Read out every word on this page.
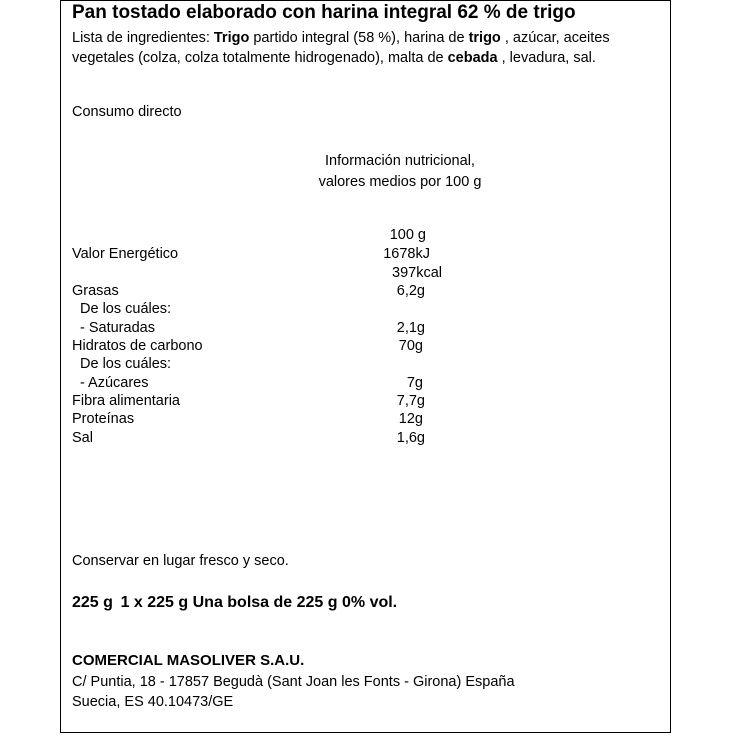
Pan tostado elaborado con harina integral 62 % de trigo
Lista de ingredientes: Trigo partido integral (58 %), harina de trigo , azúcar, aceites vegetales (colza, colza totalmente hidrogenado), malta de cebada , levadura, sal.
Consumo directo
Información nutricional,
valores medios por 100 g
100 g
Valor Energético	1678kJ
397kcal
Grasas	6,2g
De los cuáles:
- Saturadas	2,1g
Hidratos de carbono	70g
De los cuáles:
- Azúcares	7g
Fibra alimentaria	7,7g
Proteínas	12g
Sal	1,6g
Conservar en lugar fresco y seco.
225 g  1 x 225 g Una bolsa de 225 g 0% vol.
COMERCIAL MASOLIVER S.A.U.
C/ Puntia, 18 - 17857 Begudà (Sant Joan les Fonts - Girona) España
Suecia, ES 40.10473/GE
